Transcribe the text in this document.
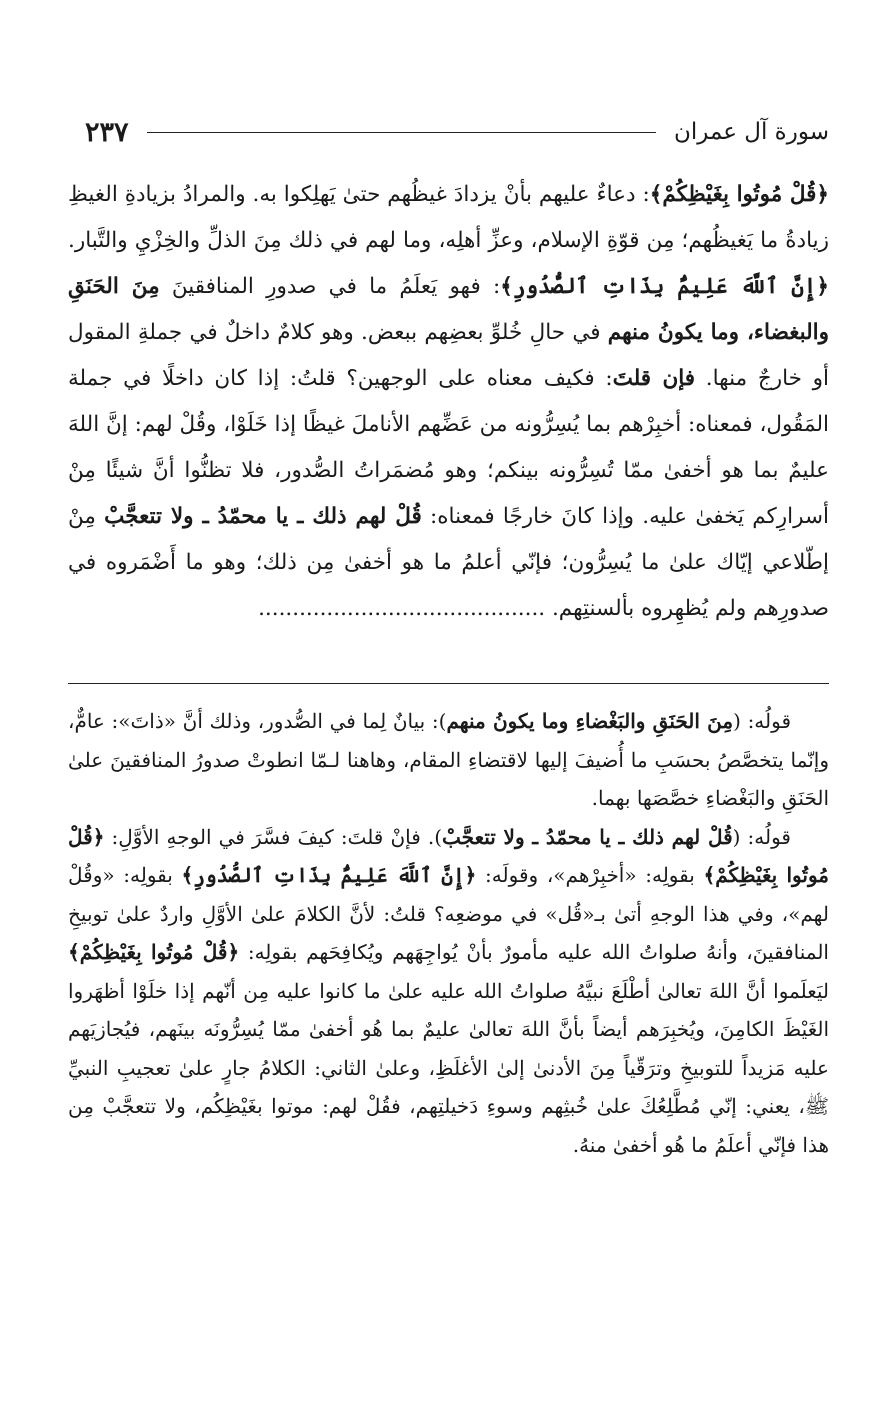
سورة آل عمران
٢٣٧

﴿قُلْ مُوتُوا بِغَيْظِكُمْ﴾: دعاءٌ عليهم بأنْ يزدادَ غيظُهم حتىٰ يَهلِكوا به. والمرادُ بزيادةِ الغيظِ زيادةُ ما يَغيظُهم؛ مِن قوّةِ الإسلام، وعزِّ أهلِه، وما لهم في ذلك مِنَ الذلِّ والخِزْيِ والتَّبار. ﴿إِنَّ ٱللَّهَ عَلِيمٌۢ بِذَاتِ ٱلصُّدُورِ﴾: فهو يَعلَمُ ما في صدورِ المنافقينَ مِنَ الحَنَقِ والبغضاء، وما يكونُ منهم في حالِ خُلوِّ بعضِهم ببعض. وهو كلامٌ داخلٌ في جملةِ المقول أو خارجٌ منها. فإن قلتَ: فكيف معناه على الوجهين؟ قلتُ: إذا كان داخلًا في جملة المَقُول، فمعناه: أخبِرْهم بما يُسِرُّونه من عَضِّهم الأناملَ غيظًا إذا خَلَوْا، وقُلْ لهم: إنَّ اللهَ عليمٌ بما هو أخفىٰ ممّا تُسِرُّونه بينكم؛ وهو مُضمَراتُ الصُّدور، فلا تظنُّوا أنَّ شيئًا مِنْ أسرارِكم يَخفىٰ عليه. وإذا كانَ خارجًا فمعناه: قُلْ لهم ذلك ـ يا محمّدُ ـ ولا تتعجَّبْ مِنْ إطّلاعي إيّاك علىٰ ما يُسِرُّون؛ فإنّي أعلمُ ما هو أخفىٰ مِن ذلك؛ وهو ما أَضْمَروه في صدورِهم ولم يُظهِروه بألسنتِهم. ..........................................

قولُه: (مِنَ الحَنَقِ والبَغْضاءِ وما يكونُ منهم): بيانٌ لِما في الصُّدور، وذلك أنَّ «ذاتَ»: عامٌّ، وإنّما يتخصَّصُ بحسَبِ ما أُضيفَ إليها لاقتضاءِ المقام، وهاهنا لـمّا انطوتْ صدورُ المنافقينَ علىٰ الحَنَقِ والبَغْضاءِ خصَّصَها بهما.

قولُه: (قُلْ لهم ذلك ـ يا محمّدُ ـ ولا تتعجَّبْ). فإنْ قلتَ: كيفَ فسَّرَ في الوجهِ الأوَّلِ: ﴿قُلْ مُوتُوا بِغَيْظِكُمْ﴾ بقولِه: «أخبِرْهم»، وقولَه: ﴿إِنَّ ٱللَّهَ عَلِيمٌۢ بِذَاتِ ٱلصُّدُورِ﴾ بقولِه: «وقُلْ لهم»، وفي هذا الوجهِ أتىٰ بـ«قُل» في موضعِه؟ قلتُ: لأنَّ الكلامَ علىٰ الأوَّلِ واردٌ علىٰ توبيخِ المنافقينَ، وأنهُ صلواتُ الله عليه مأمورٌ بأنْ يُواجِهَهم ويُكافِحَهم بقولِه: ﴿قُلْ مُوتُوا بِغَيْظِكُمْ﴾ ليَعلَموا أنَّ اللهَ تعالىٰ أطْلَعَ نبيَّهُ صلواتُ الله عليه علىٰ ما كانوا عليه مِن أنّهم إذا خلَوْا أظهَروا الغَيْظَ الكامِنَ، ويُخبِرَهم أيضاً بأنَّ اللهَ تعالىٰ عليمٌ بما هُو أخفىٰ ممّا يُسِرُّونَه بينَهم، فيُجازيَهم عليه مَزيداً للتوبيخِ وترَقّياً مِنَ الأدنىٰ إلىٰ الأغلَظِ، وعلىٰ الثاني: الكلامُ جارٍ علىٰ تعجيبِ النبيِّ ﷺ، يعني: إنّي مُطَّلِعُكَ علىٰ خُبثِهم وسوءِ دَخيلتِهم، فقُلْ لهم: موتوا بغَيْظِكُم، ولا تتعجَّبْ مِن هذا فإنّي أعلَمُ ما هُو أخفىٰ منهُ.
